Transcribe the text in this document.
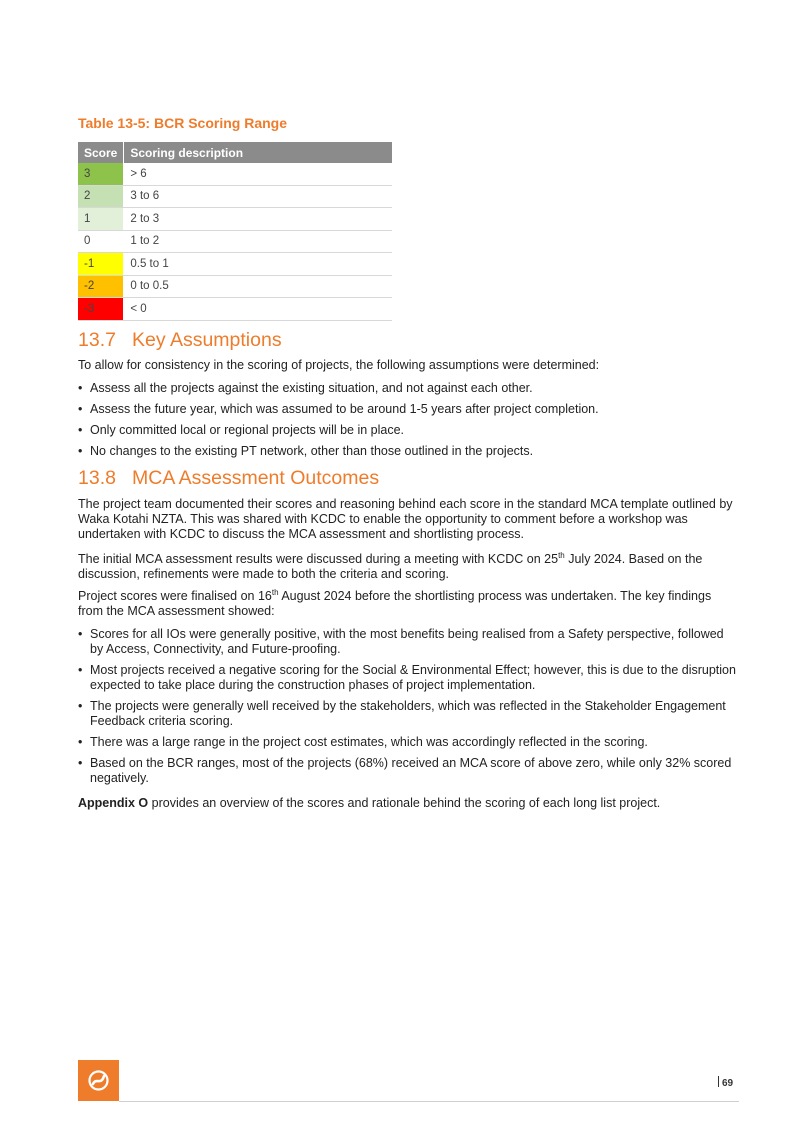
Table 13-5: BCR Scoring Range
Score	Scoring description
3	> 6
2	3 to 6
1	2 to 3
0	1 to 2
-1	0.5 to 1
-2	0 to 0.5
-3	< 0
13.7 Key Assumptions

To allow for consistency in the scoring of projects, the following assumptions were determined:

• Assess all the projects against the existing situation, and not against each other.
• Assess the future year, which was assumed to be around 1-5 years after project completion.
• Only committed local or regional projects will be in place.
• No changes to the existing PT network, other than those outlined in the projects.
13.8 MCA Assessment Outcomes

The project team documented their scores and reasoning behind each score in the standard MCA template outlined by Waka Kotahi NZTA. This was shared with KCDC to enable the opportunity to comment before a workshop was undertaken with KCDC to discuss the MCA assessment and shortlisting process.

The initial MCA assessment results were discussed during a meeting with KCDC on 25th July 2024. Based on the discussion, refinements were made to both the criteria and scoring.

Project scores were finalised on 16th August 2024 before the shortlisting process was undertaken. The key findings from the MCA assessment showed:

• Scores for all IOs were generally positive, with the most benefits being realised from a Safety perspective, followed by Access, Connectivity, and Future-proofing.
• Most projects received a negative scoring for the Social & Environmental Effect; however, this is due to the disruption expected to take place during the construction phases of project implementation.
• The projects were generally well received by the stakeholders, which was reflected in the Stakeholder Engagement Feedback criteria scoring.
• There was a large range in the project cost estimates, which was accordingly reflected in the scoring.
• Based on the BCR ranges, most of the projects (68%) received an MCA score of above zero, while only 32% scored negatively.

Appendix O provides an overview of the scores and rationale behind the scoring of each long list project.

69
